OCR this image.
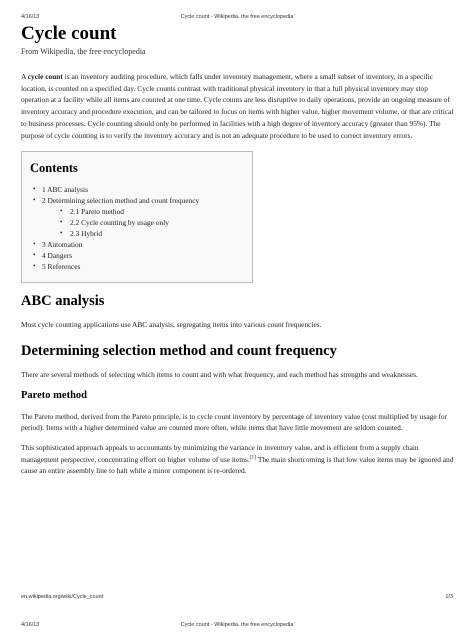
4/16/13	Cycle count - Wikipedia, the free encyclopedia
Cycle count
From Wikipedia, the free encyclopedia

A cycle count is an inventory auditing procedure, which falls under inventory management, where a small subset of inventory, in a specific location, is counted on a specified day. Cycle counts contrast with traditional physical inventory in that a full physical inventory may stop operation at a facility while all items are counted at one time. Cycle counts are less disruptive to daily operations, provide an ongoing measure of inventory accuracy and procedure execution, and can be tailored to focus on items with higher value, higher movement volume, or that are critical to business processes. Cycle counting should only be performed in facilities with a high degree of inventory accuracy (greater than 95%). The purpose of cycle counting is to verify the inventory accuracy and is not an adequate procedure to be used to correct inventory errors.

Contents
• 1 ABC analysis
• 2 Determining selection method and count frequency
• 2.1 Pareto method
• 2.2 Cycle counting by usage only
• 2.3 Hybrid
• 3 Automation
• 4 Dangers
• 5 References
ABC analysis

Most cycle counting applications use ABC analysis, segregating items into various count frequencies.

Determining selection method and count frequency

There are several methods of selecting which items to count and with what frequency, and each method has strengths and weaknesses.

Pareto method

The Pareto method, derived from the Pareto principle, is to cycle count inventory by percentage of inventory value (cost multiplied by usage for period). Items with a higher determined value are counted more often, while items that have little movement are seldom counted.

This sophisticated approach appeals to accountants by minimizing the variance in inventory value, and is efficient from a supply chain management perspective, concentrating effort on higher volume of use items.[1] The main shortcoming is that low value items may be ignored and cause an entire assembly line to halt while a minor component is re-ordered.

en.wikipedia.org/wiki/Cycle_count	1/3
4/16/13	Cycle count - Wikipedia, the free encyclopedia
